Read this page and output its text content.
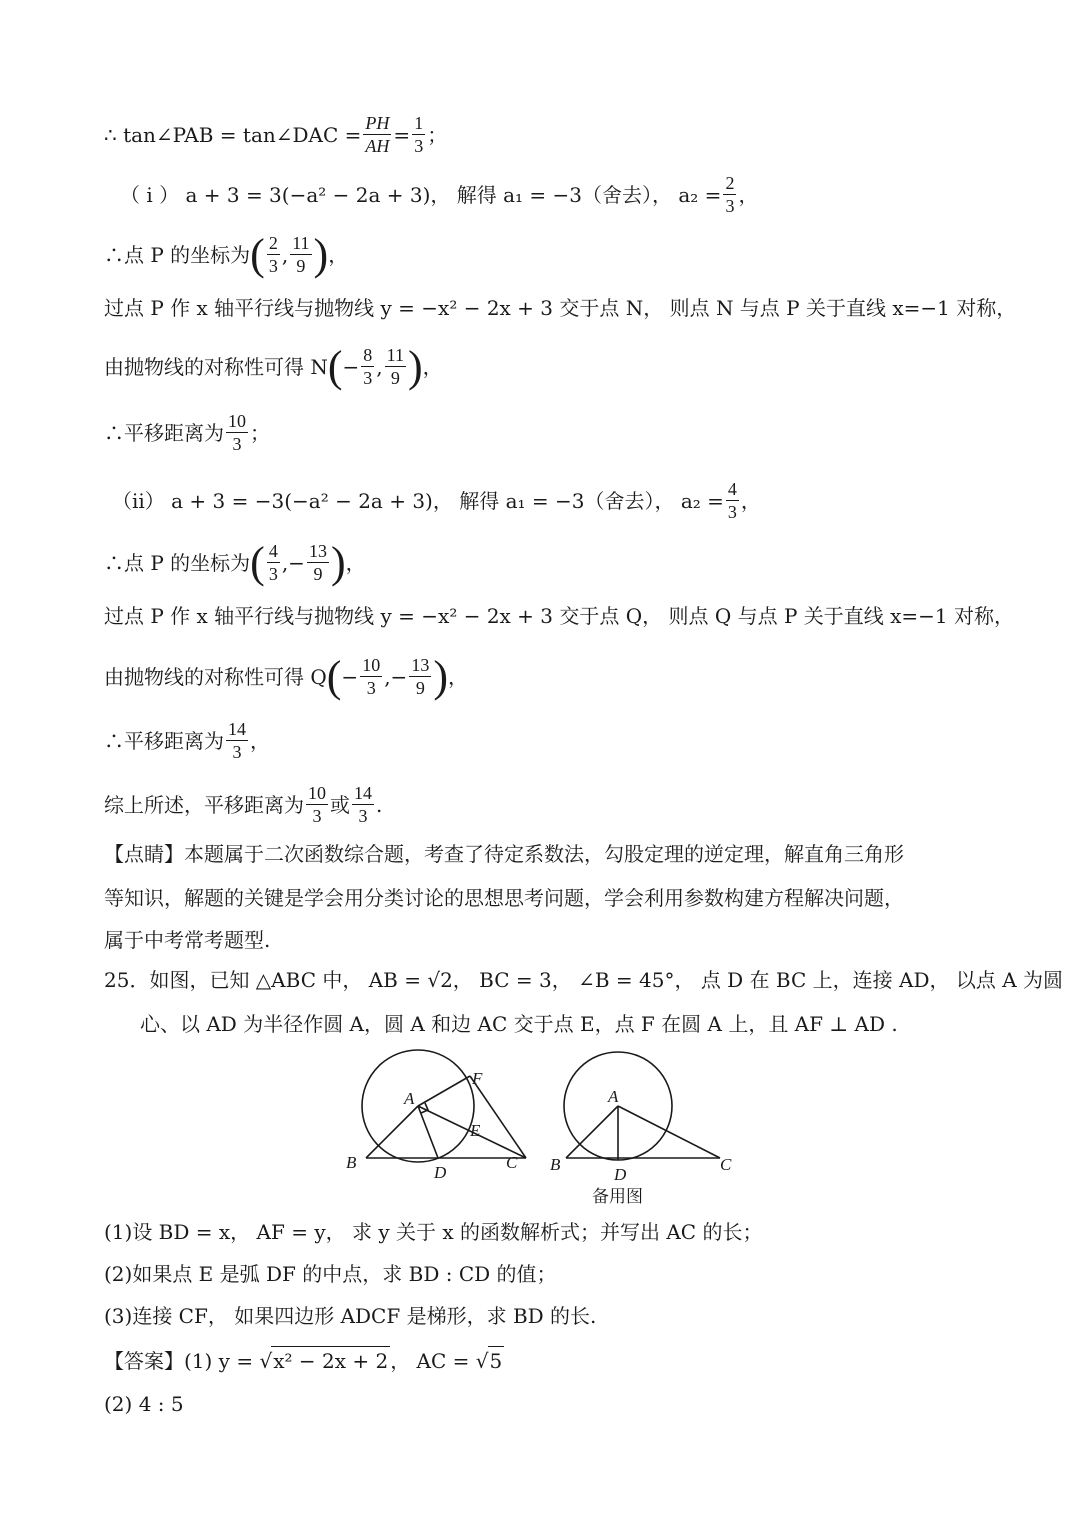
∴ tan∠PAB = tan∠DAC = $\frac{PH}{AH} = \frac{1}{3}$ ；
（ i ） a + 3 = 3(−a² − 2a + 3)， 解得 a₁ = −3（舍去）， $a_2 = \frac{2}{3}$ ，
∴点 P 的坐标为 ( $\frac{2}{3}$ , $\frac{11}{9}$ ) ，
过点 P 作 x 轴平行线与抛物线 y = −x² − 2x + 3 交于点 N， 则点 N 与点 P 关于直线 x=−1 对称，
由抛物线的对称性可得 N ( − $\frac{8}{3}$ , $\frac{11}{9}$ ) ，
∴平移距离为 $\frac{10}{3}$ ；
（ii） a + 3 = −3(−a² − 2a + 3)， 解得 a₁ = −3（舍去）， $a_2 = \frac{4}{3}$ ，
∴点 P 的坐标为 ( $\frac{4}{3}$ ,− $\frac{13}{9}$ ) ，
过点 P 作 x 轴平行线与抛物线 y = −x² − 2x + 3 交于点 Q， 则点 Q 与点 P 关于直线 x=−1 对称，
由抛物线的对称性可得 Q ( − $\frac{10}{3}$ ,− $\frac{13}{9}$ ) ，
∴平移距离为 $\frac{14}{3}$ ，
综上所述，平移距离为 $\frac{10}{3}$ 或 $\frac{14}{3}$ .
【点睛】本题属于二次函数综合题，考查了待定系数法，勾股定理的逆定理，解直角三角形
等知识，解题的关键是学会用分类讨论的思想思考问题，学会利用参数构建方程解决问题，
属于中考常考题型.
25．如图，已知 △ABC 中， AB = √2， BC = 3， ∠B = 45°， 点 D 在 BC 上，连接 AD， 以点 A 为圆
心、以 AD 为半径作圆 A，圆 A 和边 AC 交于点 E，点 F 在圆 A 上，且 AF ⊥ AD .
A
F
E
B
D
C
A
B
D
C
备用图
(1)设 BD = x， AF = y， 求 y 关于 x 的函数解析式；并写出 AC 的长；
(2)如果点 E 是弧 DF 的中点，求 BD : CD 的值；
(3)连接 CF， 如果四边形 ADCF 是梯形，求 BD 的长.
【答案】(1) y = √ x² − 2x + 2 ， AC = √ 5
(2) 4 : 5
